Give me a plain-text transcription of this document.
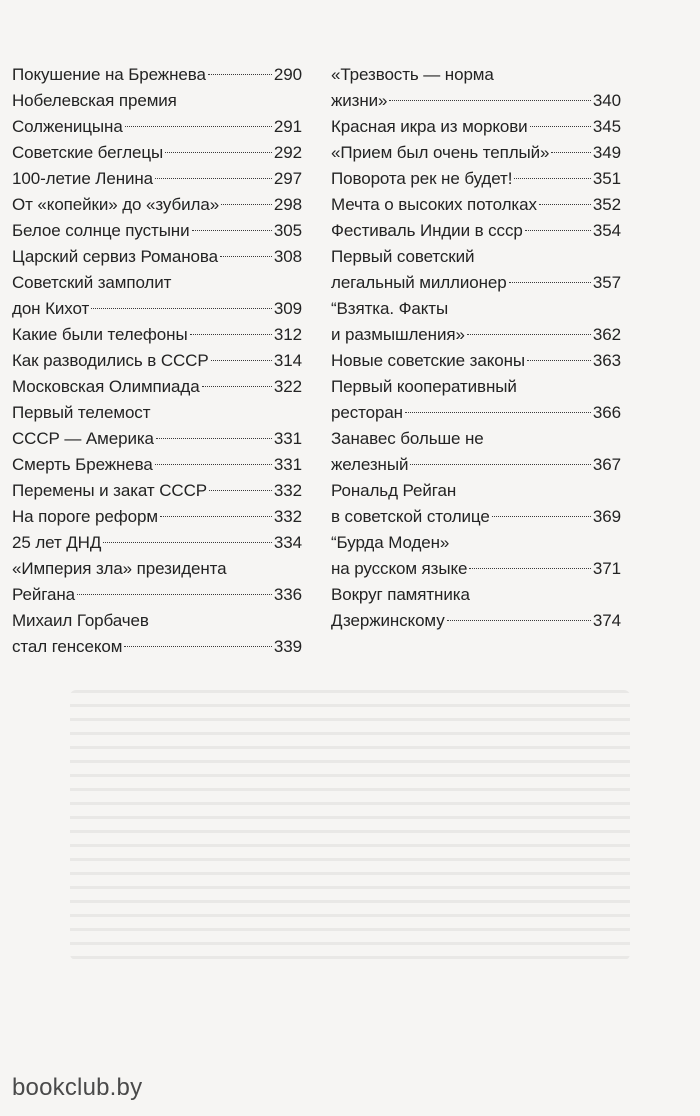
Покушение на Брежнева	290
Нобелевская премия
Солженицына	291
Советские беглецы	292
100-летие Ленина	297
От «копейки» до «зубила»	298
Белое солнце пустыни	305
Царский сервиз Романова	308
Советский замполит
дон Кихот	309
Какие были телефоны	312
Как разводились в СССР	314
Московская Олимпиада	322
Первый телемост
СССР — Америка	331
Смерть Брежнева	331
Перемены и закат СССР	332
На пороге реформ	332
25 лет ДНД	334
«Империя зла» президента
Рейгана	336
Михаил Горбачев
стал генсеком	339
«Трезвость — норма
жизни»	340
Красная икра из моркови	345
«Прием был очень теплый»	349
Поворота рек не будет!	351
Мечта о высоких потолках	352
Фестиваль Индии в ссср	354
Первый советский
легальный миллионер	357
“Взятка. Факты
и размышления»	362
Новые советские законы	363
Первый кооперативный
ресторан	366
Занавес больше не
железный	367
Рональд Рейган
в советской столице	369
“Бурда Моден»
на русском языке	371
Вокруг памятника
Дзержинскому	374
bookclub.by
